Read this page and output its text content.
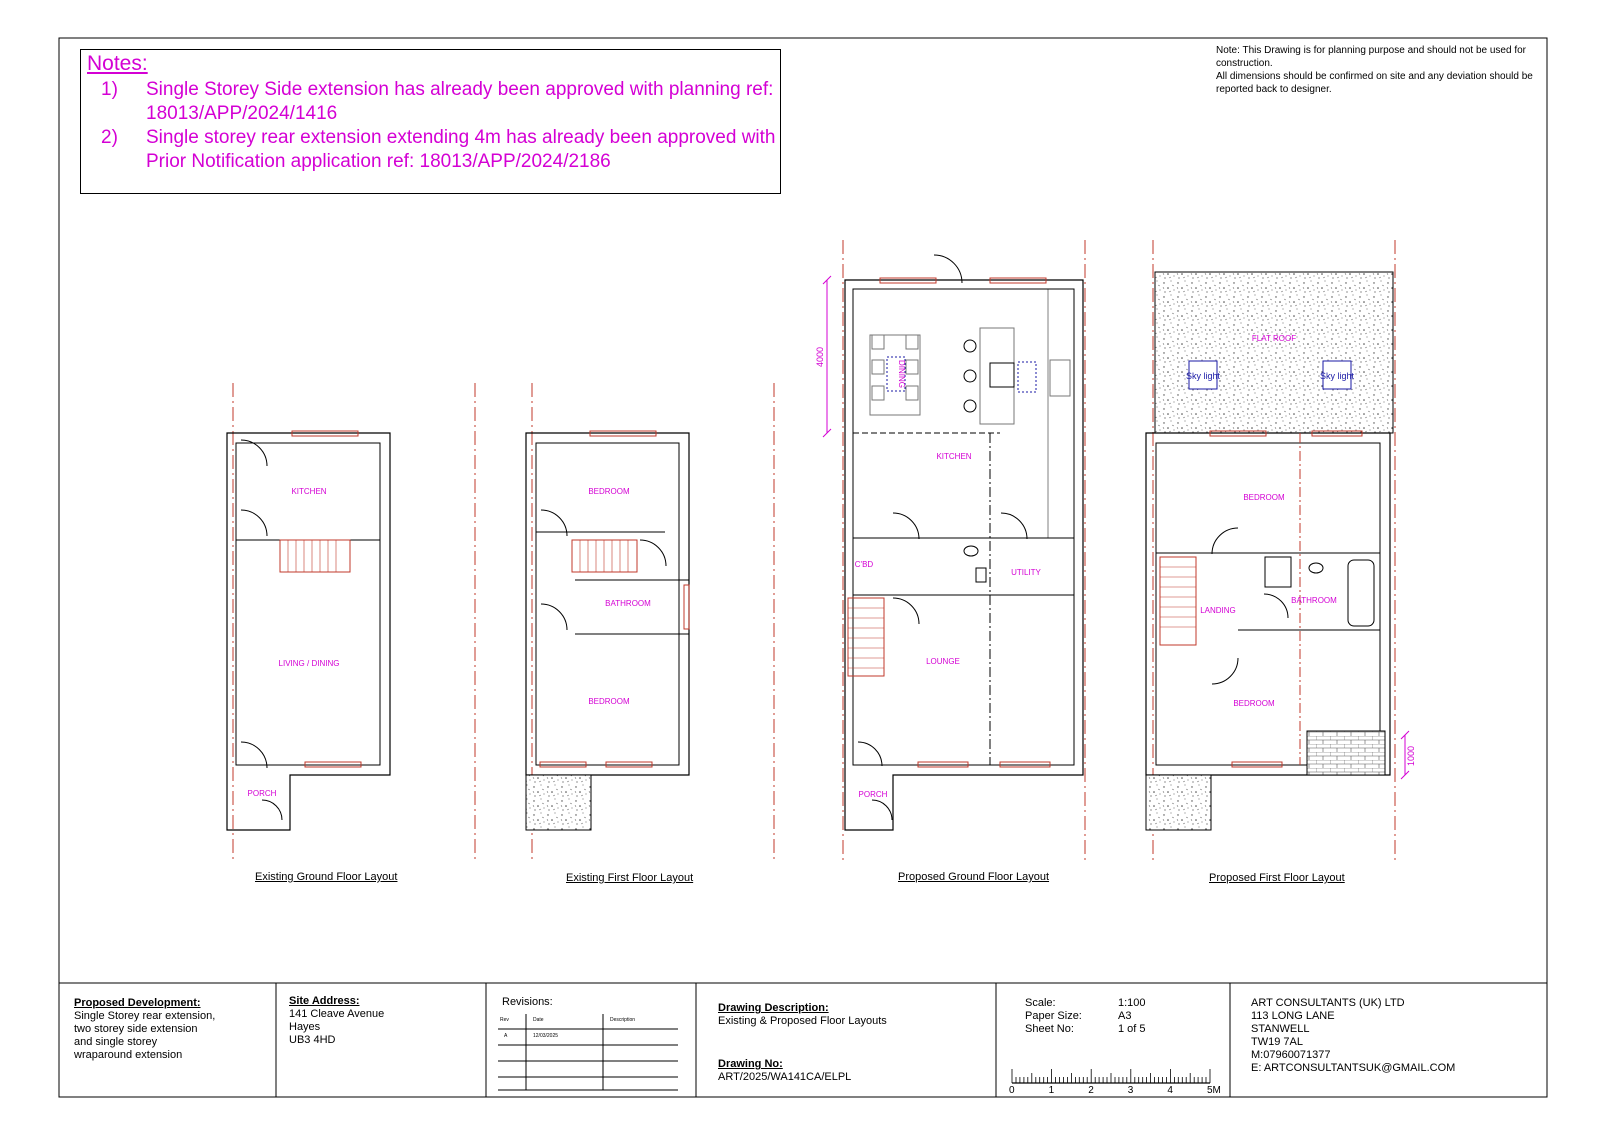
KITCHEN
LIVING / DINING
PORCH
BEDROOM
BATHROOM
BEDROOM
KITCHEN
DINING
C'BD
UTILITY
LOUNGE
PORCH
4000
FLAT ROOF
BEDROOM
LANDING
BATHROOM
BEDROOM
Sky light	Sky light
1000
Notes:
1) Single Storey Side extension has already been approved with planning ref: 18013/APP/2024/1416
2) Single storey rear extension extending 4m has already been approved with Prior Notification application ref: 18013/APP/2024/2186
Note: This Drawing is for planning purpose and should not be used for construction.
All dimensions should be confirmed on site and any deviation should be reported back to designer.
Existing Ground Floor Layout	Existing First Floor Layout	Proposed Ground Floor Layout	Proposed First Floor Layout
Proposed Development:
Single Storey rear extension,
two storey side extension
and single storey
wraparound extension
Site Address:
141 Cleave Avenue
Hayes
UB3 4HD
Revisions:
Rev	Date	Description
A	12/03/2025
Drawing Description:
Existing & Proposed Floor Layouts
Drawing No:
ART/2025/WA141CA/ELPL
Scale:	1:100
Paper Size:	A3
Sheet No:	1 of 5
0	1	2	3	4	5M
ART CONSULTANTS (UK) LTD
113 LONG LANE
STANWELL
TW19 7AL
M:07960071377
E: ARTCONSULTANTSUK@GMAIL.COM
